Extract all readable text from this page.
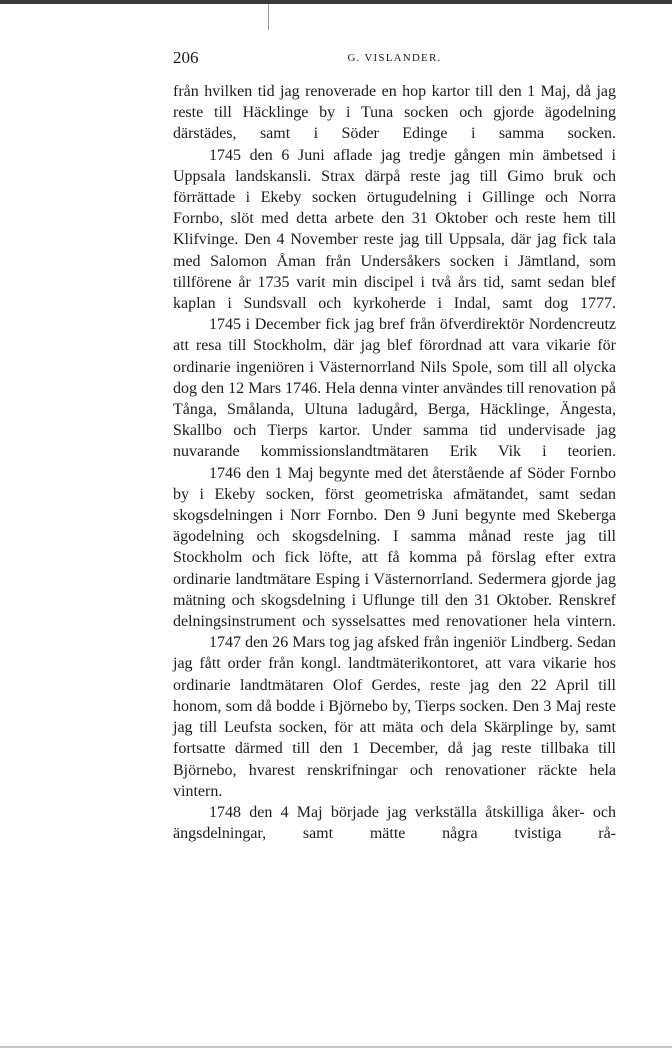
206	G. VISLANDER.

från hvilken tid jag renoverade en hop kartor till den 1 Maj, då jag reste till Häcklinge by i Tuna socken och gjorde ägodelning därstädes, samt i Söder Edinge i samma socken.

1745 den 6 Juni aflade jag tredje gången min ämbetsed i Uppsala landskansli. Strax därpå reste jag till Gimo bruk och förrättade i Ekeby socken örtugudelning i Gillinge och Norra Fornbo, slöt med detta arbete den 31 Oktober och reste hem till Klifvinge. Den 4 November reste jag till Uppsala, där jag fick tala med Salomon Åman från Undersåkers socken i Jämtland, som tillförene år 1735 varit min discipel i två års tid, samt sedan blef kaplan i Sundsvall och kyrkoherde i Indal, samt dog 1777.

1745 i December fick jag bref från öfverdirektör Nordencreutz att resa till Stockholm, där jag blef förordnad att vara vikarie för ordinarie ingeniören i Västernorrland Nils Spole, som till all olycka dog den 12 Mars 1746. Hela denna vinter användes till renovation på Tånga, Smålanda, Ultuna ladugård, Berga, Häcklinge, Ängesta, Skallbo och Tierps kartor. Under samma tid undervisade jag nuvarande kommissionslandtmätaren Erik Vik i teorien.

1746 den 1 Maj begynte med det återstående af Söder Fornbo by i Ekeby socken, först geometriska afmätandet, samt sedan skogsdelningen i Norr Fornbo. Den 9 Juni begynte med Skeberga ägodelning och skogsdelning. I samma månad reste jag till Stockholm och fick löfte, att få komma på förslag efter extra ordinarie landtmätare Esping i Västernorrland. Sedermera gjorde jag mätning och skogsdelning i Uflunge till den 31 Oktober. Renskref delningsinstrument och sysselsattes med renovationer hela vintern.

1747 den 26 Mars tog jag afsked från ingeniör Lindberg. Sedan jag fått order från kongl. landtmäterikontoret, att vara vikarie hos ordinarie landtmätaren Olof Gerdes, reste jag den 22 April till honom, som då bodde i Björnebo by, Tierps socken. Den 3 Maj reste jag till Leufsta socken, för att mäta och dela Skärplinge by, samt fortsatte därmed till den 1 December, då jag reste tillbaka till Björnebo, hvarest renskrifningar och renovationer räckte hela vintern.

1748 den 4 Maj började jag verkställa åtskilliga åker- och ängsdelningar, samt mätte några tvistiga rå-
